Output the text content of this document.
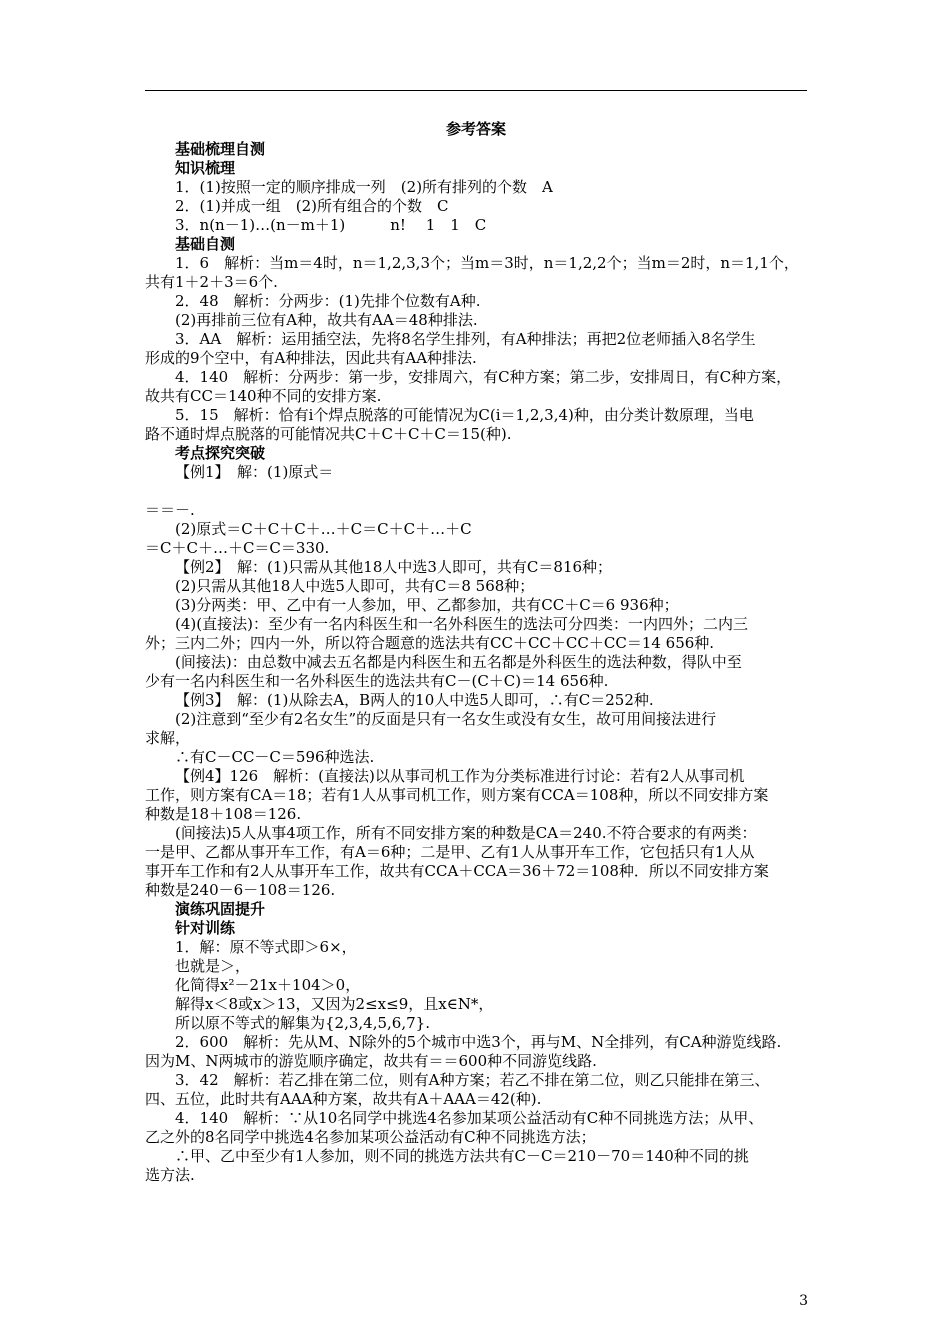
参考答案
基础梳理自测
知识梳理
1．(1)按照一定的顺序排成一列　(2)所有排列的个数　A
2．(1)并成一组　(2)所有组合的个数　C
3．n(n－1)…(n－m＋1)　　　n!　 1　1　C
基础自测
1．6　解析：当m＝4时，n＝1,2,3,3个；当m＝3时，n＝1,2,2个；当m＝2时，n＝1,1个，
共有1＋2＋3＝6个.
2．48　解析：分两步：(1)先排个位数有A种.
(2)再排前三位有A种，故共有AA＝48种排法.
3．AA　解析：运用插空法，先将8名学生排列，有A种排法；再把2位老师插入8名学生
形成的9个空中，有A种排法，因此共有AA种排法.
4．140　解析：分两步：第一步，安排周六，有C种方案；第二步，安排周日，有C种方案，
故共有CC＝140种不同的安排方案.
5．15　解析：恰有i个焊点脱落的可能情况为C(i＝1,2,3,4)种，由分类计数原理，当电
路不通时焊点脱落的可能情况共C＋C＋C＋C＝15(种).
考点探究突破
【例1】　解：(1)原式＝
＝＝－.
(2)原式＝C＋C＋C＋…＋C＝C＋C＋…＋C
＝C＋C＋…＋C＝C＝330.
【例2】　解：(1)只需从其他18人中选3人即可，共有C＝816种；
(2)只需从其他18人中选5人即可，共有C＝8 568种；
(3)分两类：甲、乙中有一人参加，甲、乙都参加，共有CC＋C＝6 936种；
(4)(直接法)：至少有一名内科医生和一名外科医生的选法可分四类：一内四外；二内三
外；三内二外；四内一外，所以符合题意的选法共有CC＋CC＋CC＋CC＝14 656种.
(间接法)：由总数中减去五名都是内科医生和五名都是外科医生的选法种数，得队中至
少有一名内科医生和一名外科医生的选法共有C－(C＋C)＝14 656种.
【例3】　解：(1)从除去A，B两人的10人中选5人即可，∴有C＝252种.
(2)注意到“至少有2名女生”的反面是只有一名女生或没有女生，故可用间接法进行
求解，
∴有C－CC－C＝596种选法.
【例4】126　解析：(直接法)以从事司机工作为分类标准进行讨论：若有2人从事司机
工作，则方案有CA＝18；若有1人从事司机工作，则方案有CCA＝108种，所以不同安排方案
种数是18＋108＝126.
(间接法)5人从事4项工作，所有不同安排方案的种数是CA＝240.不符合要求的有两类：
一是甲、乙都从事开车工作，有A＝6种；二是甲、乙有1人从事开车工作，它包括只有1人从
事开车工作和有2人从事开车工作，故共有CCA＋CCA＝36＋72＝108种．所以不同安排方案
种数是240－6－108＝126.
演练巩固提升
针对训练
1．解：原不等式即＞6×，
也就是＞，
化简得x²－21x＋104＞0，
解得x＜8或x＞13，又因为2≤x≤9，且x∈N*，
所以原不等式的解集为{2,3,4,5,6,7}.
2．600　解析：先从M、N除外的5个城市中选3个，再与M、N全排列，有CA种游览线路.
因为M、N两城市的游览顺序确定，故共有＝＝600种不同游览线路.
3．42　解析：若乙排在第二位，则有A种方案；若乙不排在第二位，则乙只能排在第三、
四、五位，此时共有AAA种方案，故共有A＋AAA＝42(种).
4．140　解析：∵从10名同学中挑选4名参加某项公益活动有C种不同挑选方法；从甲、
乙之外的8名同学中挑选4名参加某项公益活动有C种不同挑选方法；
∴甲、乙中至少有1人参加，则不同的挑选方法共有C－C＝210－70＝140种不同的挑
选方法.
3
